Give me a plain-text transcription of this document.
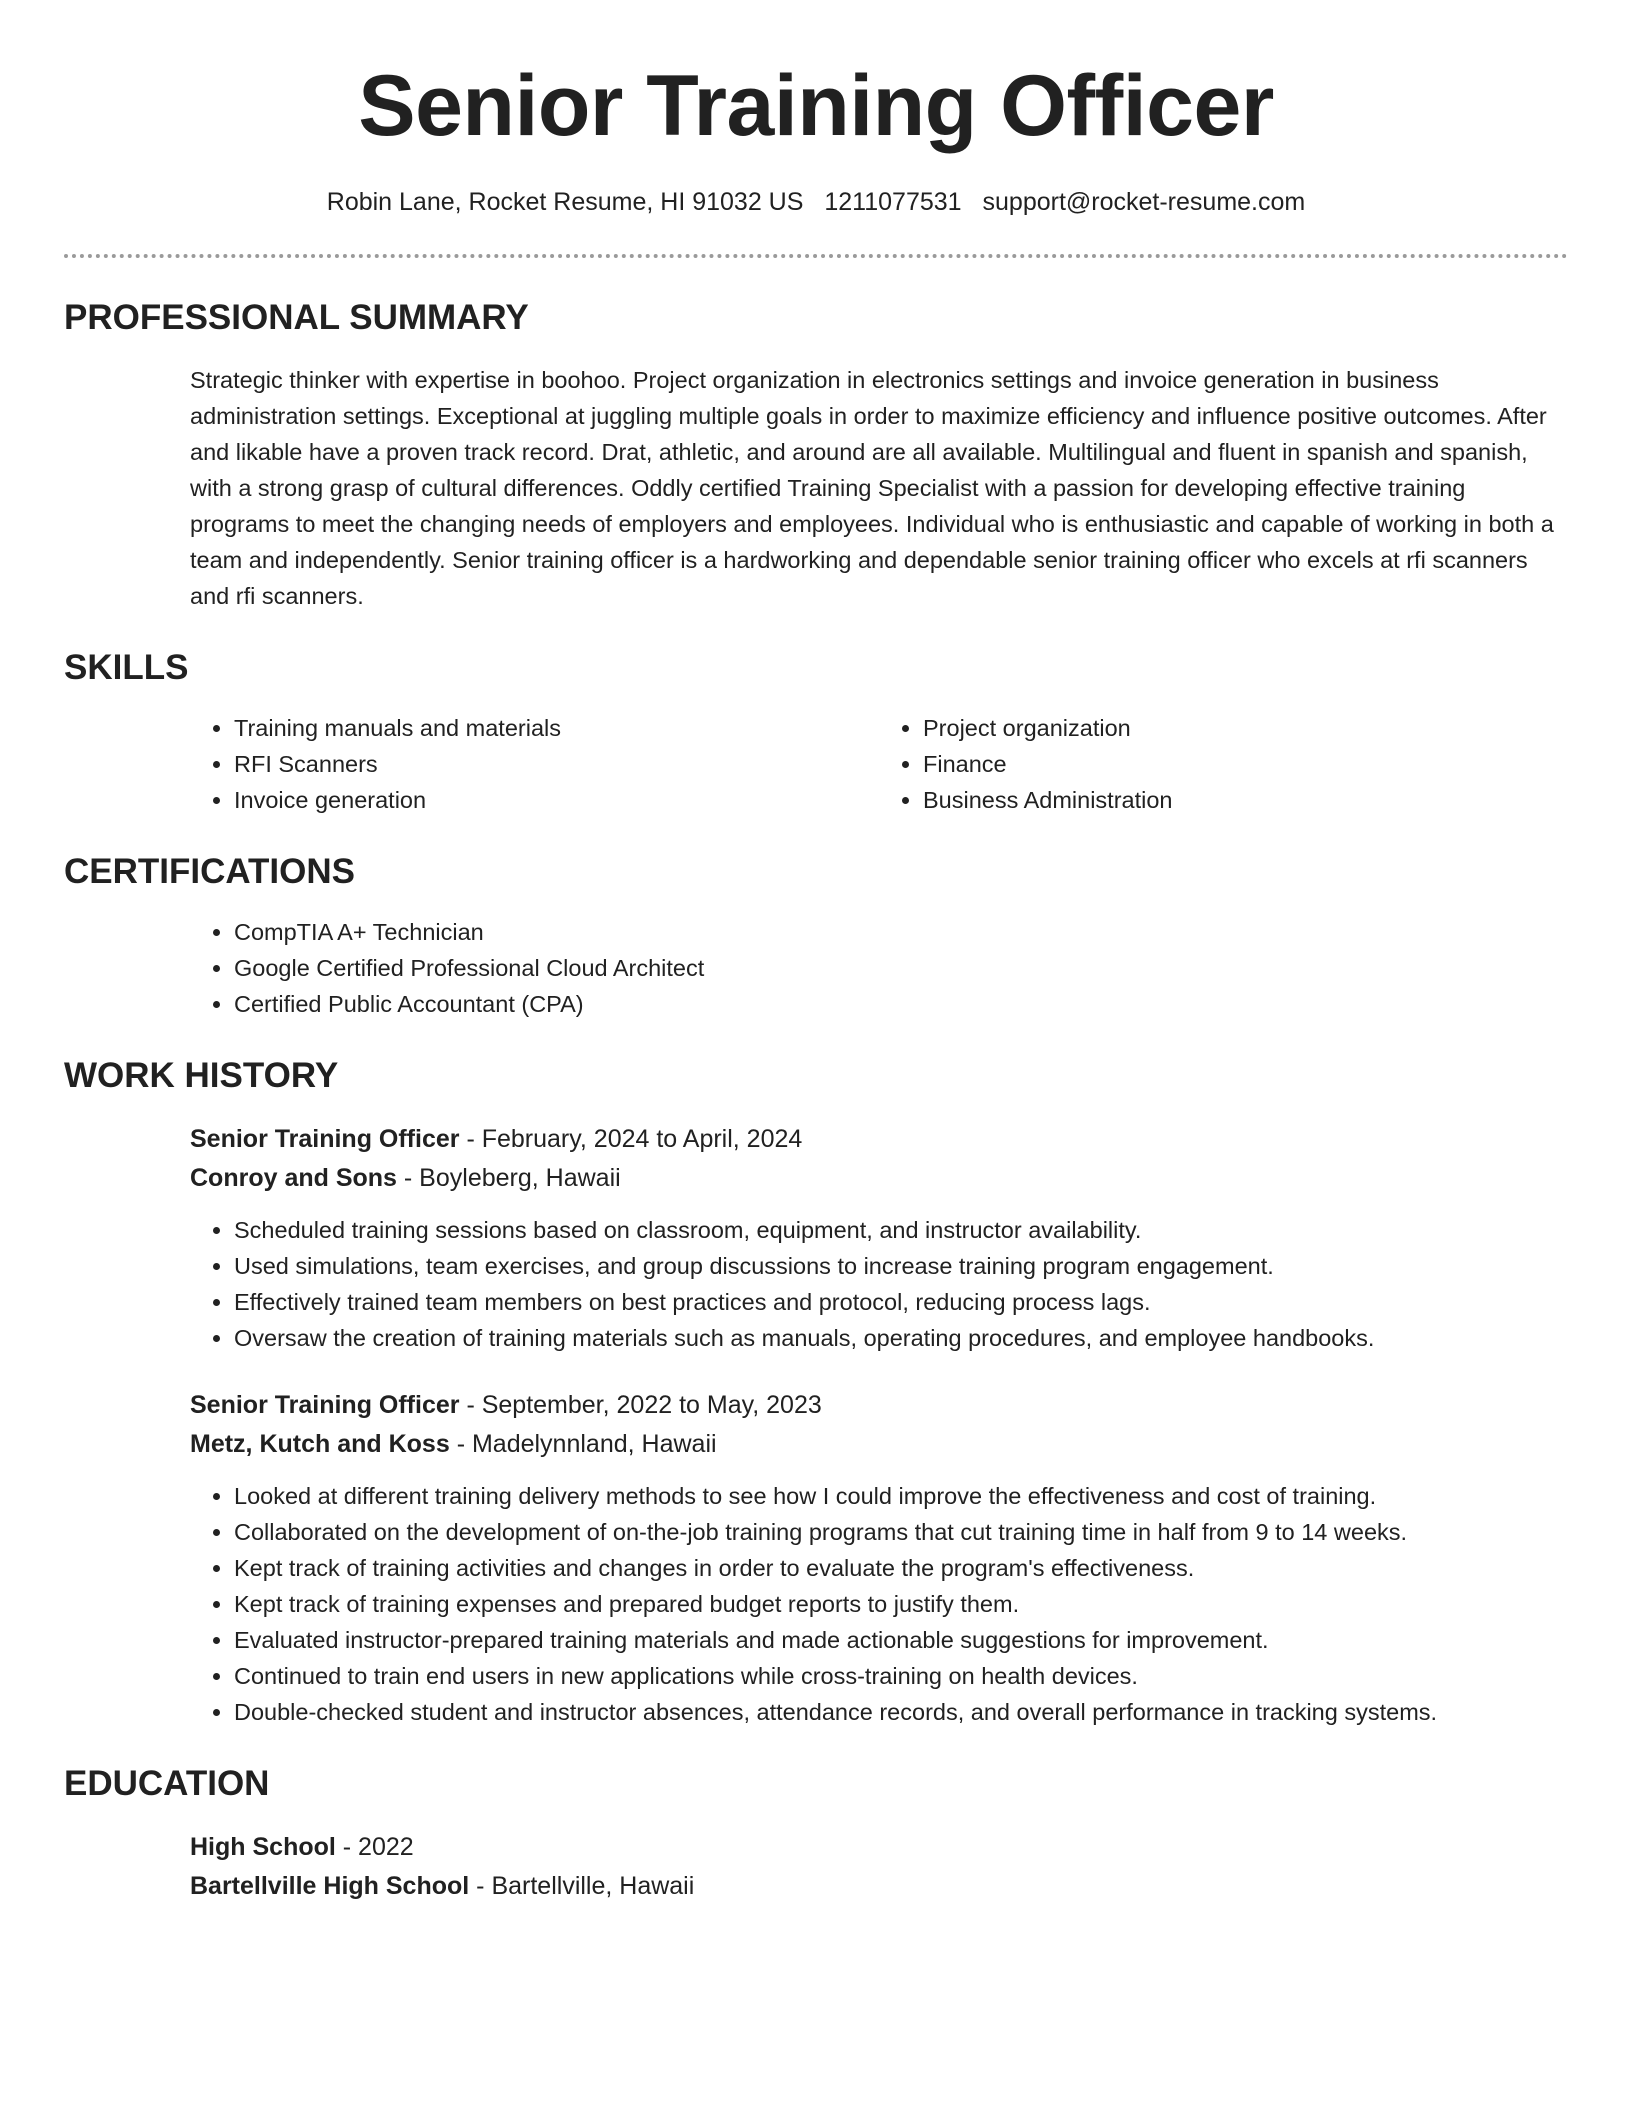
Senior Training Officer
Robin Lane, Rocket Resume, HI 91032 US 1211077531 support@rocket-resume.com
PROFESSIONAL SUMMARY

Strategic thinker with expertise in boohoo. Project organization in electronics settings and invoice generation in business administration settings. Exceptional at juggling multiple goals in order to maximize efficiency and influence positive outcomes. After and likable have a proven track record. Drat, athletic, and around are all available. Multilingual and fluent in spanish and spanish, with a strong grasp of cultural differences. Oddly certified Training Specialist with a passion for developing effective training programs to meet the changing needs of employers and employees. Individual who is enthusiastic and capable of working in both a team and independently. Senior training officer is a hardworking and dependable senior training officer who excels at rfi scanners and rfi scanners.

SKILLS
• Training manuals and materials
• RFI Scanners
• Invoice generation
• Project organization
• Finance
• Business Administration
CERTIFICATIONS
• CompTIA A+ Technician
• Google Certified Professional Cloud Architect
• Certified Public Accountant (CPA)
WORK HISTORY
Senior Training Officer - February, 2024 to April, 2024
Conroy and Sons - Boyleberg, Hawaii
• Scheduled training sessions based on classroom, equipment, and instructor availability.
• Used simulations, team exercises, and group discussions to increase training program engagement.
• Effectively trained team members on best practices and protocol, reducing process lags.
• Oversaw the creation of training materials such as manuals, operating procedures, and employee handbooks.
Senior Training Officer - September, 2022 to May, 2023
Metz, Kutch and Koss - Madelynnland, Hawaii
• Looked at different training delivery methods to see how I could improve the effectiveness and cost of training.
• Collaborated on the development of on-the-job training programs that cut training time in half from 9 to 14 weeks.
• Kept track of training activities and changes in order to evaluate the program's effectiveness.
• Kept track of training expenses and prepared budget reports to justify them.
• Evaluated instructor-prepared training materials and made actionable suggestions for improvement.
• Continued to train end users in new applications while cross-training on health devices.
• Double-checked student and instructor absences, attendance records, and overall performance in tracking systems.
EDUCATION
High School - 2022
Bartellville High School - Bartellville, Hawaii
